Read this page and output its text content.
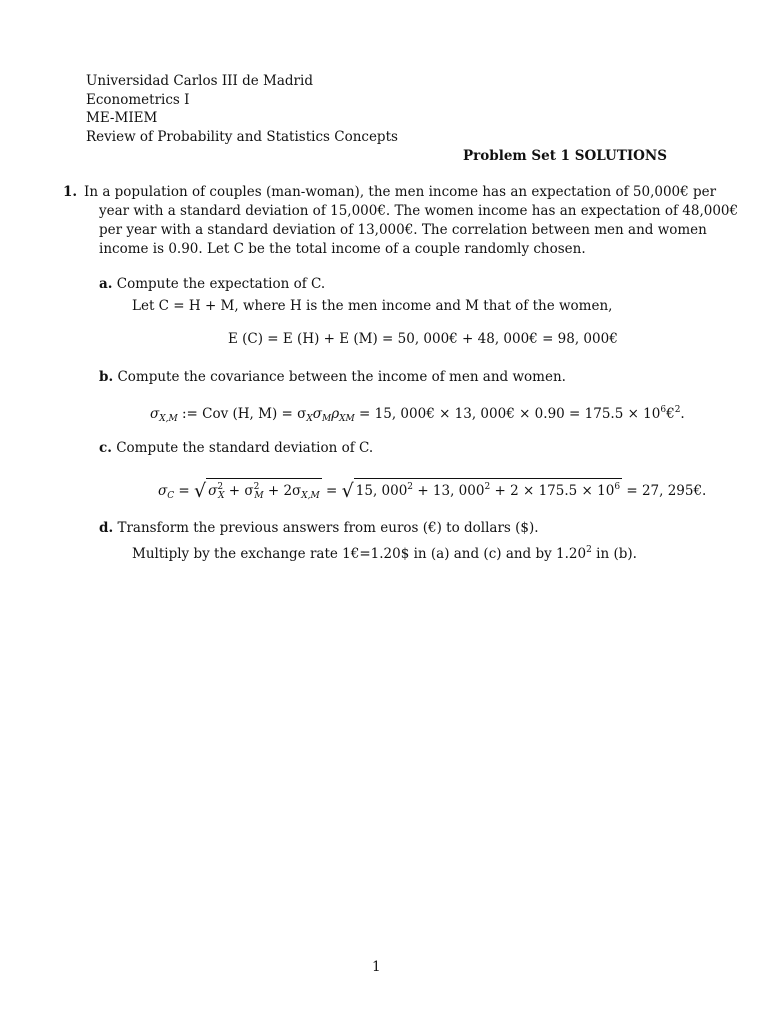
Universidad Carlos III de Madrid
Econometrics I
ME-MIEM
Review of Probability and Statistics Concepts
Problem Set 1 SOLUTIONS
1. In a population of couples (man-woman), the men income has an expectation of 50,000€ per
year with a standard deviation of 15,000€. The women income has an expectation of 48,000€
per year with a standard deviation of 13,000€. The correlation between men and women
income is 0.90. Let C be the total income of a couple randomly chosen.
a. Compute the expectation of C.
Let C = H + M, where H is the men income and M that of the women,
E (C) = E (H) + E (M) = 50, 000€ + 48, 000€ = 98, 000€
b. Compute the covariance between the income of men and women.
$\sigma_{X,M}$ := Cov (H, $M) = \sigma_X\sigma_M\rho_{XM} = 15$, 000€ × 13, 000€ × $0.90 = 175.5 \times 10^6€^2$.
c. Compute the standard deviation of C.
$\sigma_C$ = √ $\sigma^2_X + \sigma^2_M + 2\sigma_{X,M}$ = √ 15, $000^2 + 13$, $000^2 + 2 \times 175.5 \times 10^6 = 27$, 295€.
d. Transform the previous answers from euros (€) to dollars ($).
Multiply by the exchange rate 1€=1.20$ in (a) and (c) and by 1.20$^2$ in (b).
1
